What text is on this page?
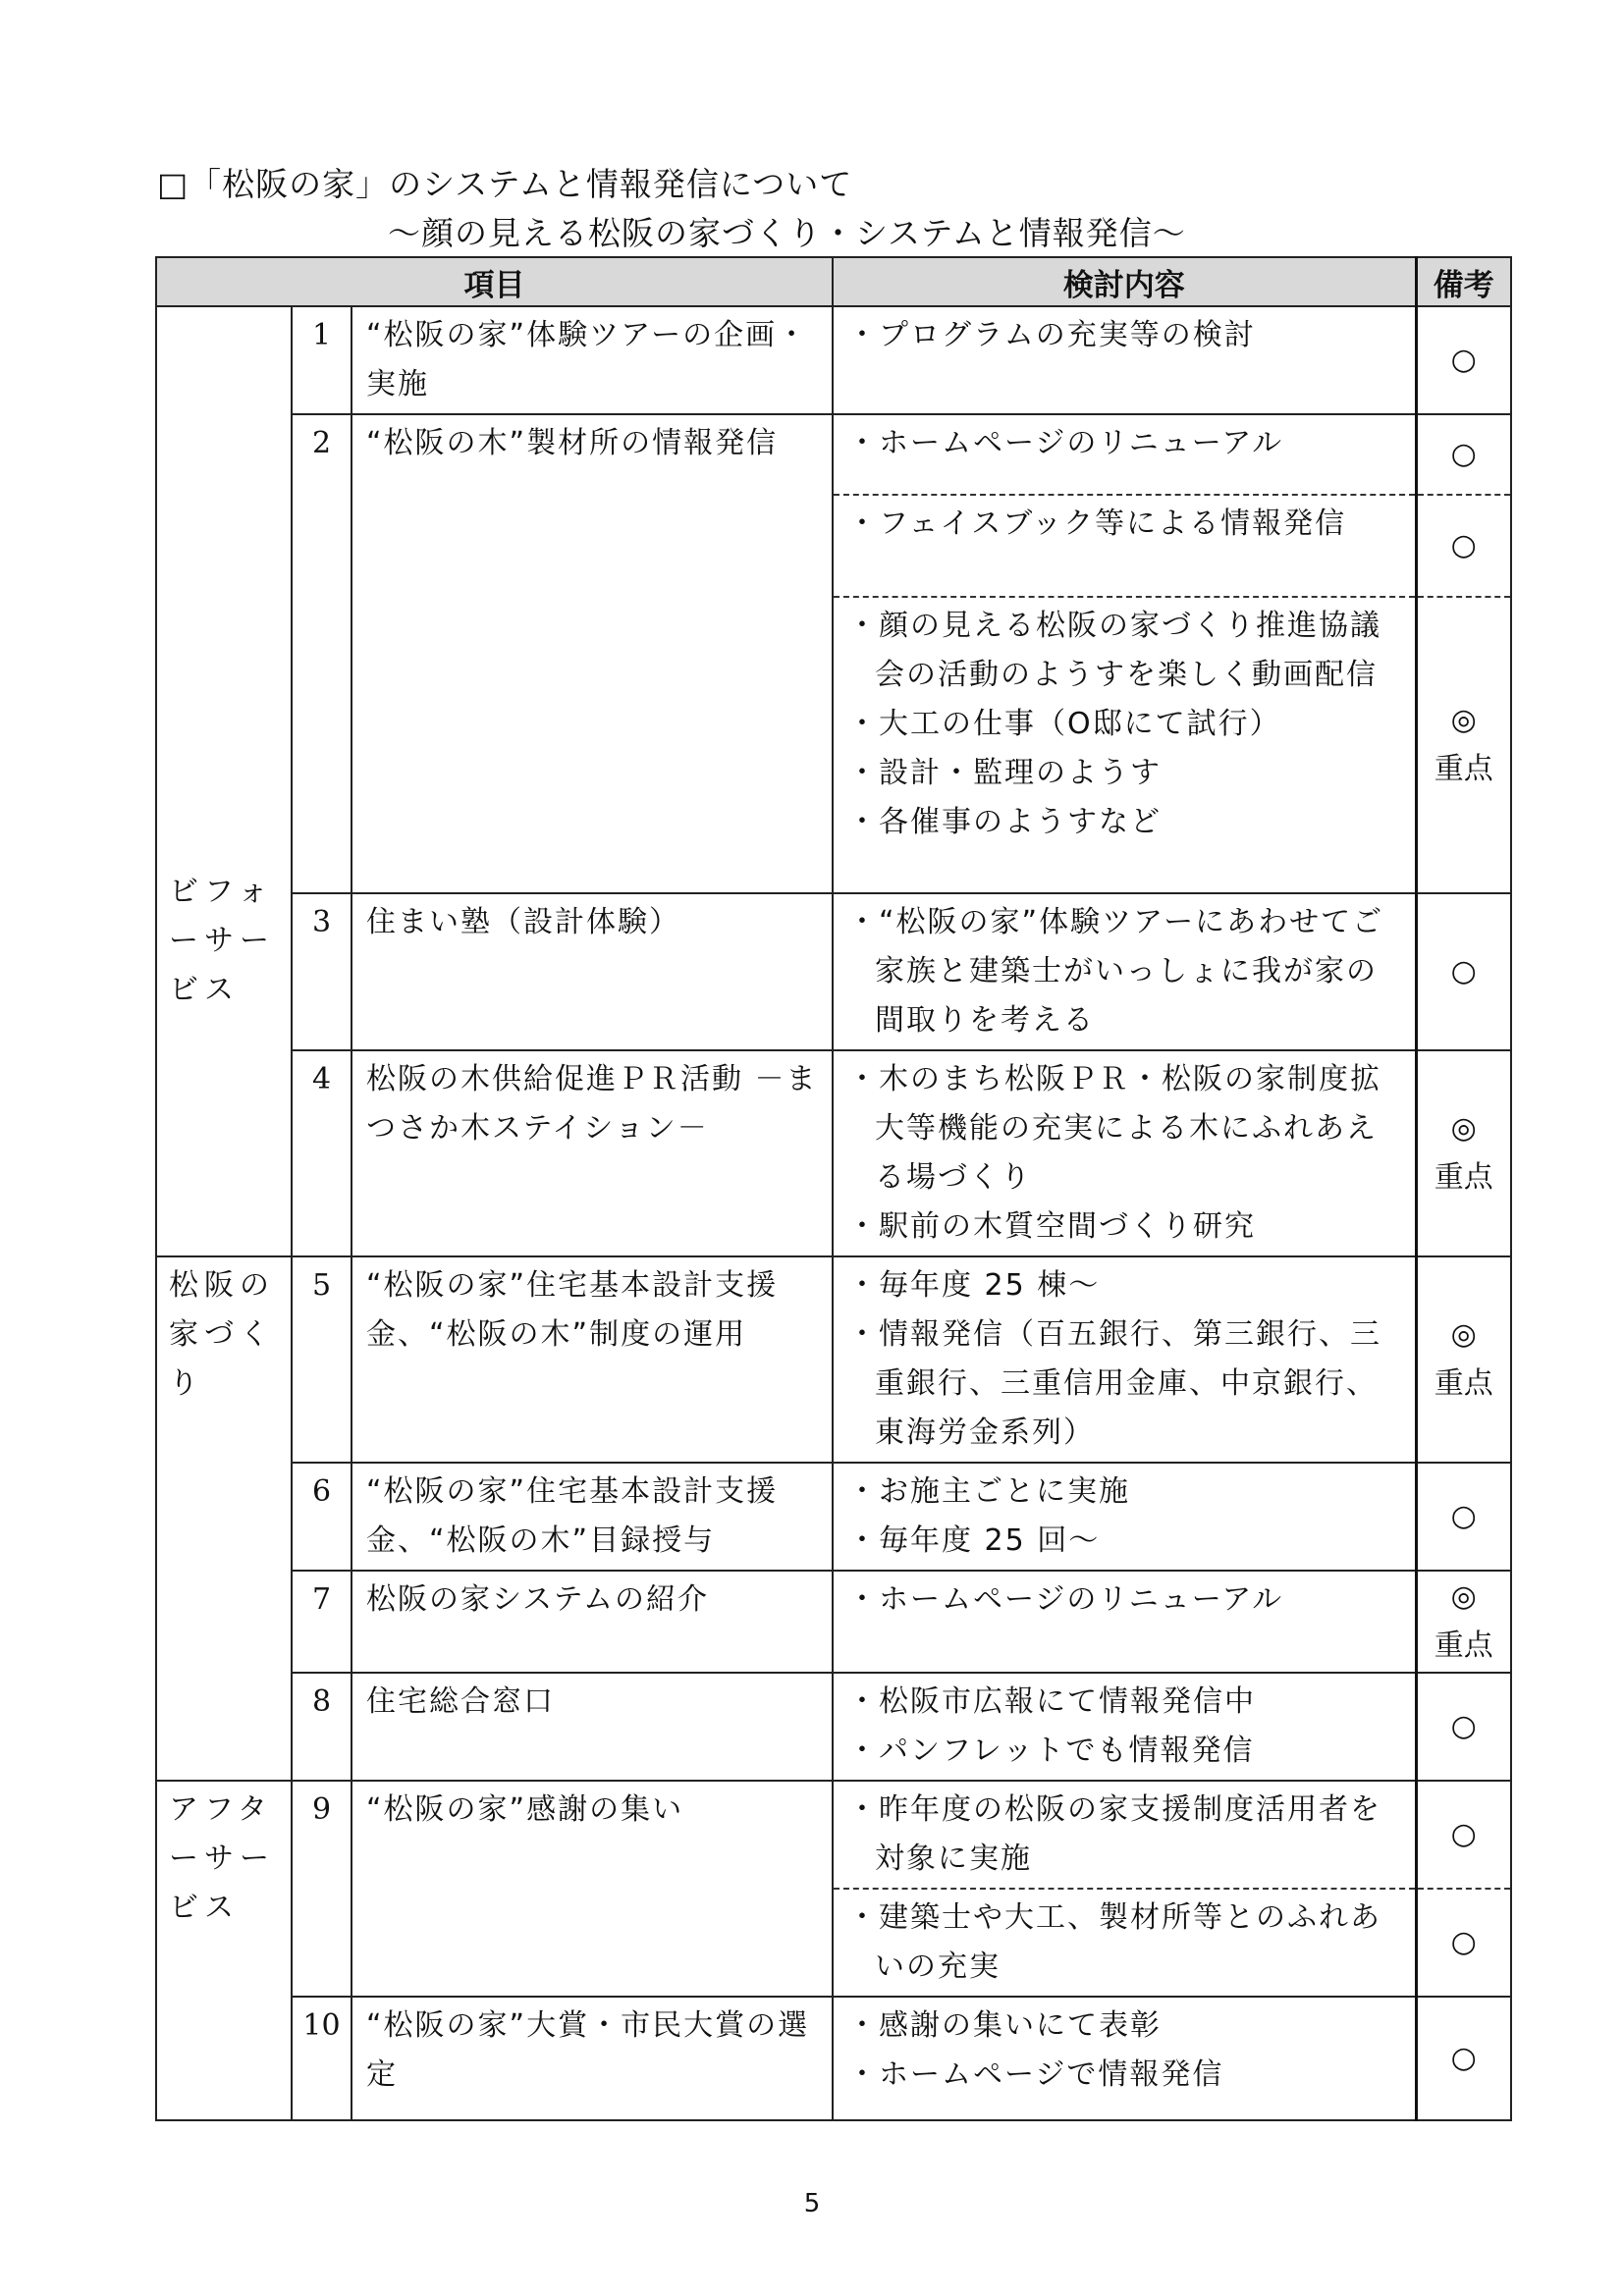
□「松阪の家」のシステムと情報発信について
～顔の見える松阪の家づくり・システムと情報発信～
項目			検討内容	備考
ビフォーサービス	1	“松阪の家”体験ツアーの企画・実施	・プログラムの充実等の検討	○

	2	“松阪の木”製材所の情報発信	・ホームページのリニューアル	○

			・フェイスブック等による情報発信	○

			・顔の見える松阪の家づくり推進協議会の活動のようすを楽しく動画配信
・大工の仕事（O邸にて試行）
・設計・監理のようす
・各催事のようすなど	◎
重点

	3	住まい塾（設計体験）	・“松阪の家”体験ツアーにあわせてご家族と建築士がいっしょに我が家の間取りを考える	○

	4	松阪の木供給促進ＰＲ活動 －まつさか木ステイション－	・木のまち松阪ＰＲ・松阪の家制度拡大等機能の充実による木にふれあえる場づくり
・駅前の木質空間づくり研究	◎
重点

松阪の家づくり	5	“松阪の家”住宅基本設計支援金、“松阪の木”制度の運用	・毎年度 25 棟～
・情報発信（百五銀行、第三銀行、三重銀行、三重信用金庫、中京銀行、東海労金系列）	◎
重点

	6	“松阪の家”住宅基本設計支援金、“松阪の木”目録授与	・お施主ごとに実施
・毎年度 25 回～	○

	7	松阪の家システムの紹介	・ホームページのリニューアル	◎
重点

	8	住宅総合窓口	・松阪市広報にて情報発信中
・パンフレットでも情報発信	○

アフターサービス	9	“松阪の家”感謝の集い	・昨年度の松阪の家支援制度活用者を対象に実施	○

			・建築士や大工、製材所等とのふれあいの充実	○

	10	“松阪の家”大賞・市民大賞の選定	・感謝の集いにて表彰
・ホームページで情報発信	○
5
